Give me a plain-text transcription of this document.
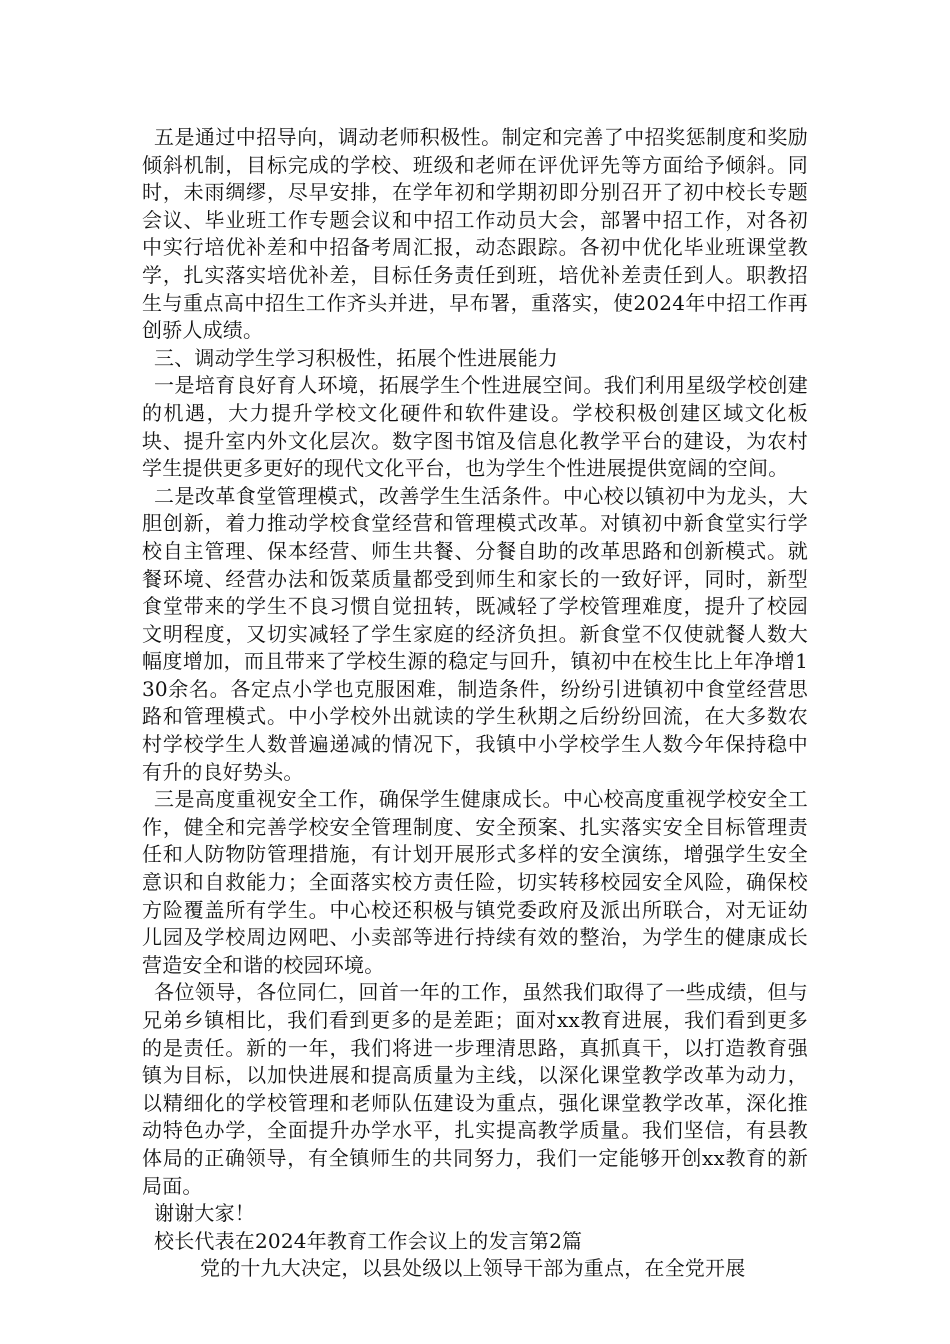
五是通过中招导向，调动老师积极性。制定和完善了中招奖惩制度和奖励倾斜机制，目标完成的学校、班级和老师在评优评先等方面给予倾斜。同时，未雨绸缪，尽早安排，在学年初和学期初即分别召开了初中校长专题会议、毕业班工作专题会议和中招工作动员大会，部署中招工作，对各初中实行培优补差和中招备考周汇报，动态跟踪。各初中优化毕业班课堂教学，扎实落实培优补差，目标任务责任到班，培优补差责任到人。职教招生与重点高中招生工作齐头并进，早布署，重落实，使2024年中招工作再创骄人成绩。

三、调动学生学习积极性，拓展个性进展能力

一是培育良好育人环境，拓展学生个性进展空间。我们利用星级学校创建的机遇，大力提升学校文化硬件和软件建设。学校积极创建区域文化板块、提升室内外文化层次。数字图书馆及信息化教学平台的建设，为农村学生提供更多更好的现代文化平台，也为学生个性进展提供宽阔的空间。

二是改革食堂管理模式，改善学生生活条件。中心校以镇初中为龙头，大胆创新，着力推动学校食堂经营和管理模式改革。对镇初中新食堂实行学校自主管理、保本经营、师生共餐、分餐自助的改革思路和创新模式。就餐环境、经营办法和饭菜质量都受到师生和家长的一致好评，同时，新型食堂带来的学生不良习惯自觉扭转，既减轻了学校管理难度，提升了校园文明程度，又切实减轻了学生家庭的经济负担。新食堂不仅使就餐人数大幅度增加，而且带来了学校生源的稳定与回升，镇初中在校生比上年净增130余名。各定点小学也克服困难，制造条件，纷纷引进镇初中食堂经营思路和管理模式。中小学校外出就读的学生秋期之后纷纷回流，在大多数农村学校学生人数普遍递减的情况下，我镇中小学校学生人数今年保持稳中有升的良好势头。

三是高度重视安全工作，确保学生健康成长。中心校高度重视学校安全工作，健全和完善学校安全管理制度、安全预案、扎实落实安全目标管理责任和人防物防管理措施，有计划开展形式多样的安全演练，增强学生安全意识和自救能力；全面落实校方责任险，切实转移校园安全风险，确保校方险覆盖所有学生。中心校还积极与镇党委政府及派出所联合，对无证幼儿园及学校周边网吧、小卖部等进行持续有效的整治，为学生的健康成长营造安全和谐的校园环境。

各位领导，各位同仁，回首一年的工作，虽然我们取得了一些成绩，但与兄弟乡镇相比，我们看到更多的是差距；面对xx教育进展，我们看到更多的是责任。新的一年，我们将进一步理清思路，真抓真干，以打造教育强镇为目标，以加快进展和提高质量为主线，以深化课堂教学改革为动力，以精细化的学校管理和老师队伍建设为重点，强化课堂教学改革，深化推动特色办学，全面提升办学水平，扎实提高教学质量。我们坚信，有县教体局的正确领导，有全镇师生的共同努力，我们一定能够开创xx教育的新局面。

谢谢大家！

校长代表在2024年教育工作会议上的发言第2篇

党的十九大决定，以县处级以上领导干部为重点，在全党开展
